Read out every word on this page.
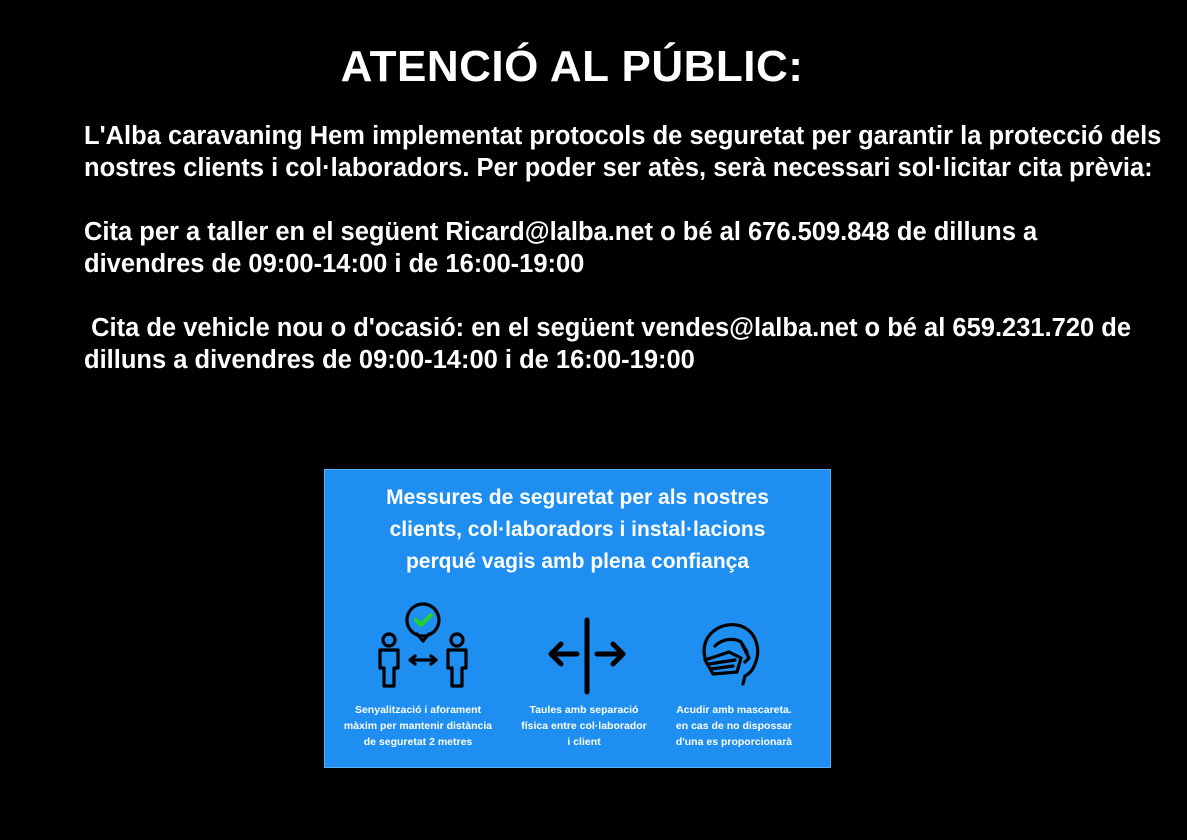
ATENCIÓ AL PÚBLIC:

L'Alba caravaning Hem implementat protocols de seguretat per garantir la protecció dels nostres clients i col·laboradors. Per poder ser atès, serà necessari sol·licitar cita prèvia:

Cita per a taller en el següent Ricard@lalba.net o bé al 676.509.848 de dilluns a divendres de 09:00-14:00 i de 16:00-19:00

Cita de vehicle nou o d'ocasió: en el següent vendes@lalba.net o bé al 659.231.720 de dilluns a divendres de 09:00-14:00 i de 16:00-19:00

Messures de seguretat per als nostres
clients, col·laboradors i instal·lacions
perqué vagis amb plena confiança

Senyalització i aforament
màxim per mantenir distància
de seguretat 2 metres

Taules amb separació
física entre col·laborador
i client

Acudir amb mascareta.
en cas de no dispossar
d'una es proporcionarà
